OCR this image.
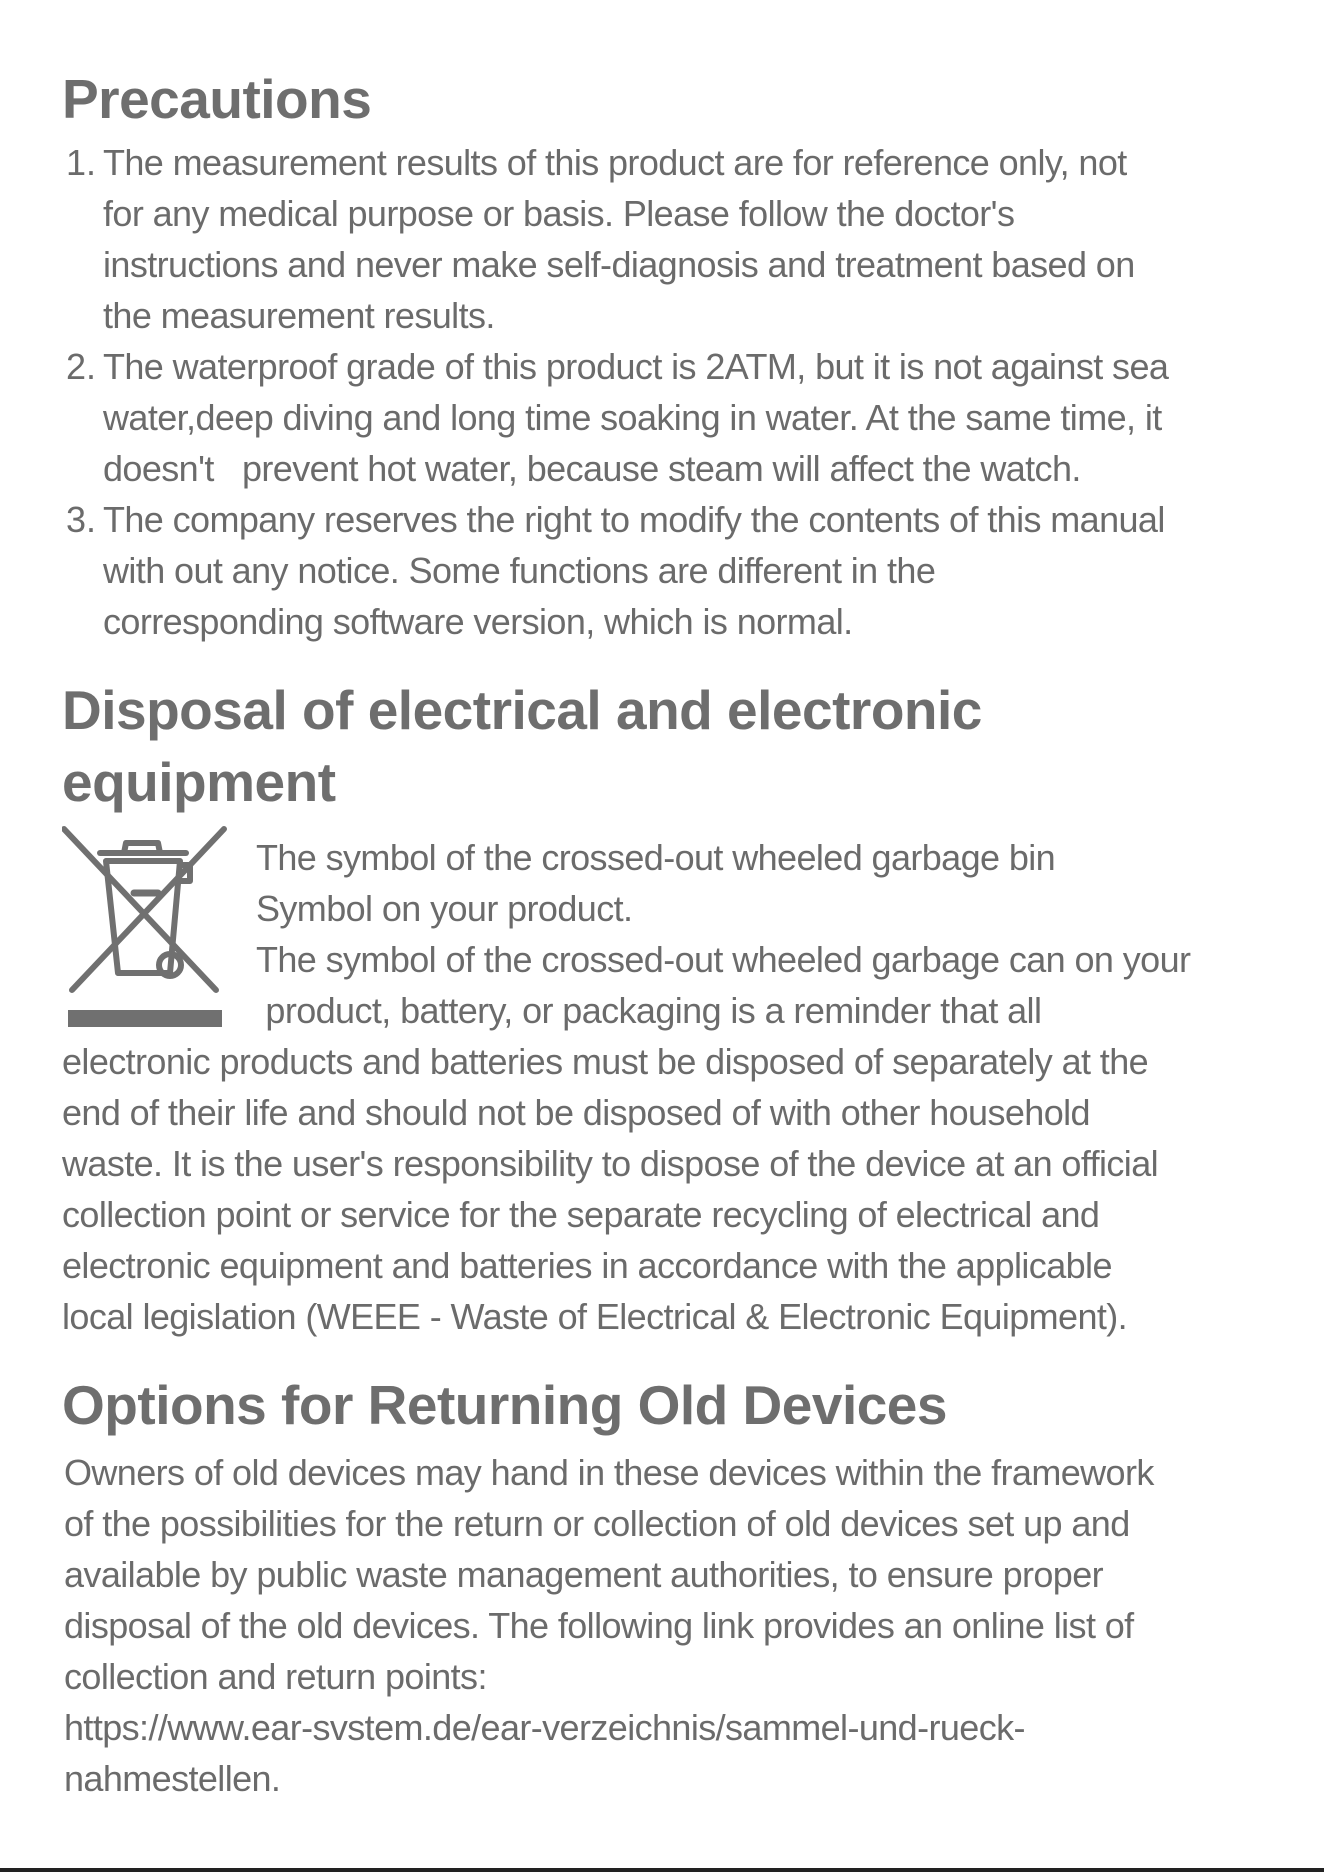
Precautions
1. The measurement results of this product are for reference only, not

for any medical purpose or basis. Please follow the doctor's

instructions and never make self-diagnosis and treatment based on

the measurement results.

2. The waterproof grade of this product is 2ATM, but it is not against sea

water,deep diving and long time soaking in water. At the same time, it

doesn't   prevent hot water, because steam will affect the watch.

3. The company reserves the right to modify the contents of this manual

with out any notice. Some functions are different in the

corresponding software version, which is normal.

Disposal of electrical and electronic
equipment

The symbol of the crossed-out wheeled garbage bin

Symbol on your product.

The symbol of the crossed-out wheeled garbage can on your

product, battery, or packaging is a reminder that all

electronic products and batteries must be disposed of separately at the

end of their life and should not be disposed of with other household

waste. It is the user's responsibility to dispose of the device at an official

collection point or service for the separate recycling of electrical and

electronic equipment and batteries in accordance with the applicable

local legislation (WEEE - Waste of Electrical & Electronic Equipment).

Options for Returning Old Devices

Owners of old devices may hand in these devices within the framework

of the possibilities for the return or collection of old devices set up and

available by public waste management authorities, to ensure proper

disposal of the old devices. The following link provides an online list of

collection and return points:

https://www.ear-svstem.de/ear-verzeichnis/sammel-und-rueck-

nahmestellen.
